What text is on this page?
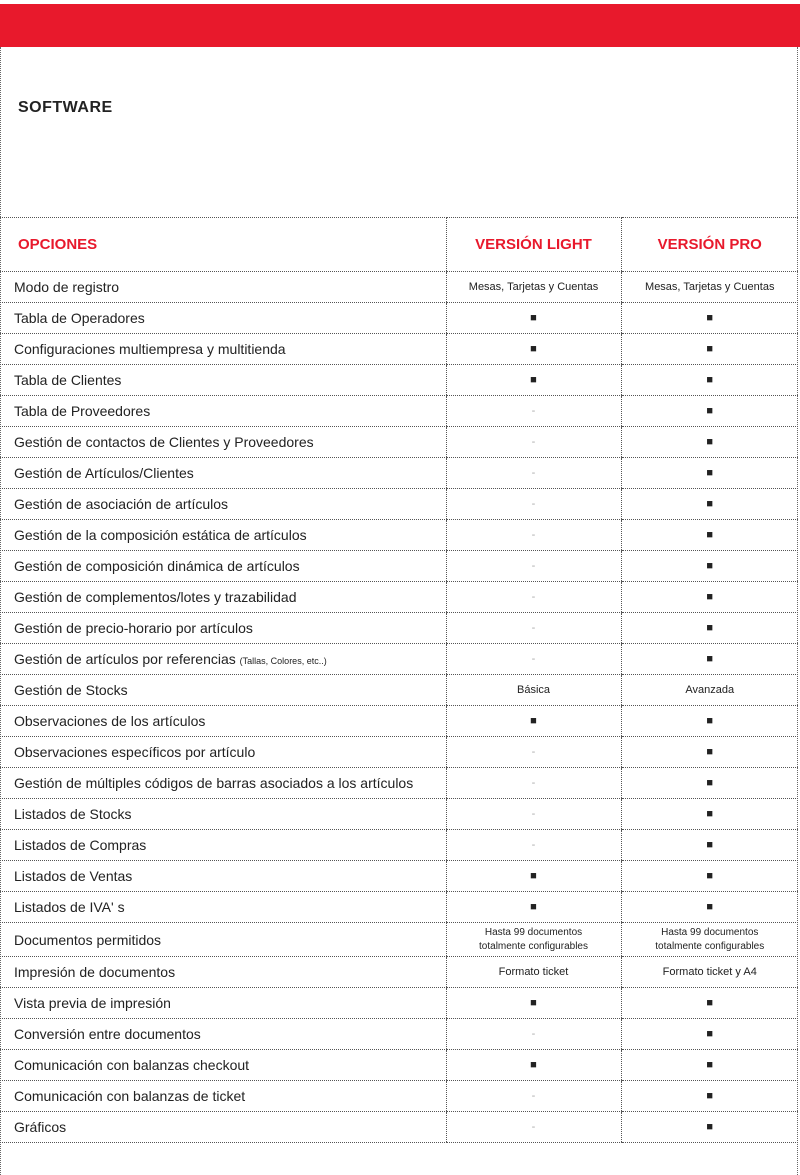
SOFTWARE
OPCIONES	VERSIÓN LIGHT	VERSIÓN PRO
Modo de registro	Mesas, Tarjetas y Cuentas	Mesas, Tarjetas y Cuentas
Tabla de Operadores	■	■
Configuraciones multiempresa y multitienda	■	■
Tabla de Clientes	■	■
Tabla de Proveedores	-	■
Gestión de contactos de Clientes y Proveedores	-	■
Gestión de Artículos/Clientes	-	■
Gestión de asociación de artículos	-	■
Gestión de la composición estática de artículos	-	■
Gestión de composición dinámica de artículos	-	■
Gestión de complementos/lotes y trazabilidad	-	■
Gestión de precio-horario por artículos	-	■
Gestión de artículos por referencias (Tallas, Colores, etc..)	-	■
Gestión de Stocks	Básica	Avanzada
Observaciones de los artículos	■	■
Observaciones específicos por artículo	-	■
Gestión de múltiples códigos de barras asociados a los artículos	-	■
Listados de Stocks	-	■
Listados de Compras	-	■
Listados de Ventas	■	■
Listados de IVA' s	■	■
Documentos permitidos	Hasta 99 documentos totalmente configurables	Hasta 99 documentos totalmente configurables
Impresión de documentos	Formato ticket	Formato ticket y A4
Vista previa de impresión	■	■
Conversión entre documentos	-	■
Comunicación con balanzas checkout	■	■
Comunicación con balanzas de ticket	-	■
Gráficos	-	■
